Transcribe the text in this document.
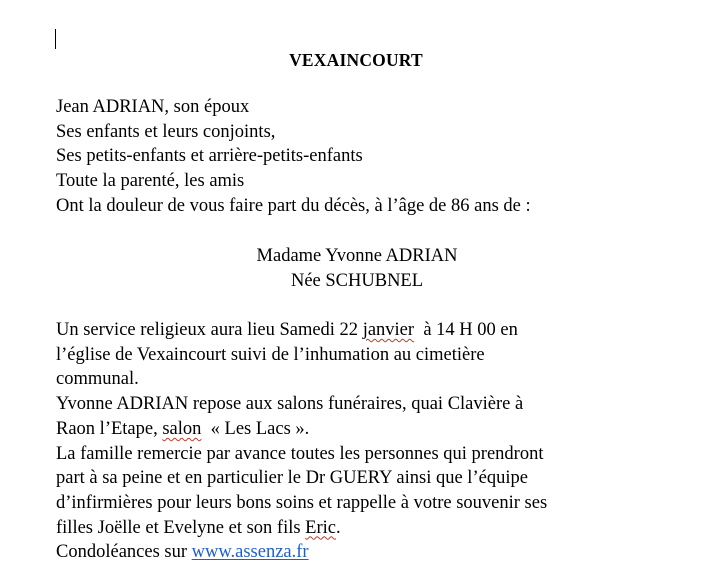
VEXAINCOURT

Jean ADRIAN, son époux

Ses enfants et leurs conjoints,

Ses petits-enfants et arrière-petits-enfants

Toute la parenté, les amis

Ont la douleur de vous faire part du décès, à l’âge de 86 ans de :

Madame Yvonne ADRIAN

Née SCHUBNEL

Un service religieux aura lieu Samedi 22 janvier  à 14 H 00 en

l’église de Vexaincourt suivi de l’inhumation au cimetière

communal.

Yvonne ADRIAN repose aux salons funéraires, quai Clavière à

Raon l’Etape, salon  « Les Lacs ».

La famille remercie par avance toutes les personnes qui prendront

part à sa peine et en particulier le Dr GUERY ainsi que l’équipe

d’infirmières pour leurs bons soins et rappelle à votre souvenir ses

filles Joëlle et Evelyne et son fils Eric.

Condoléances sur www.assenza.fr
